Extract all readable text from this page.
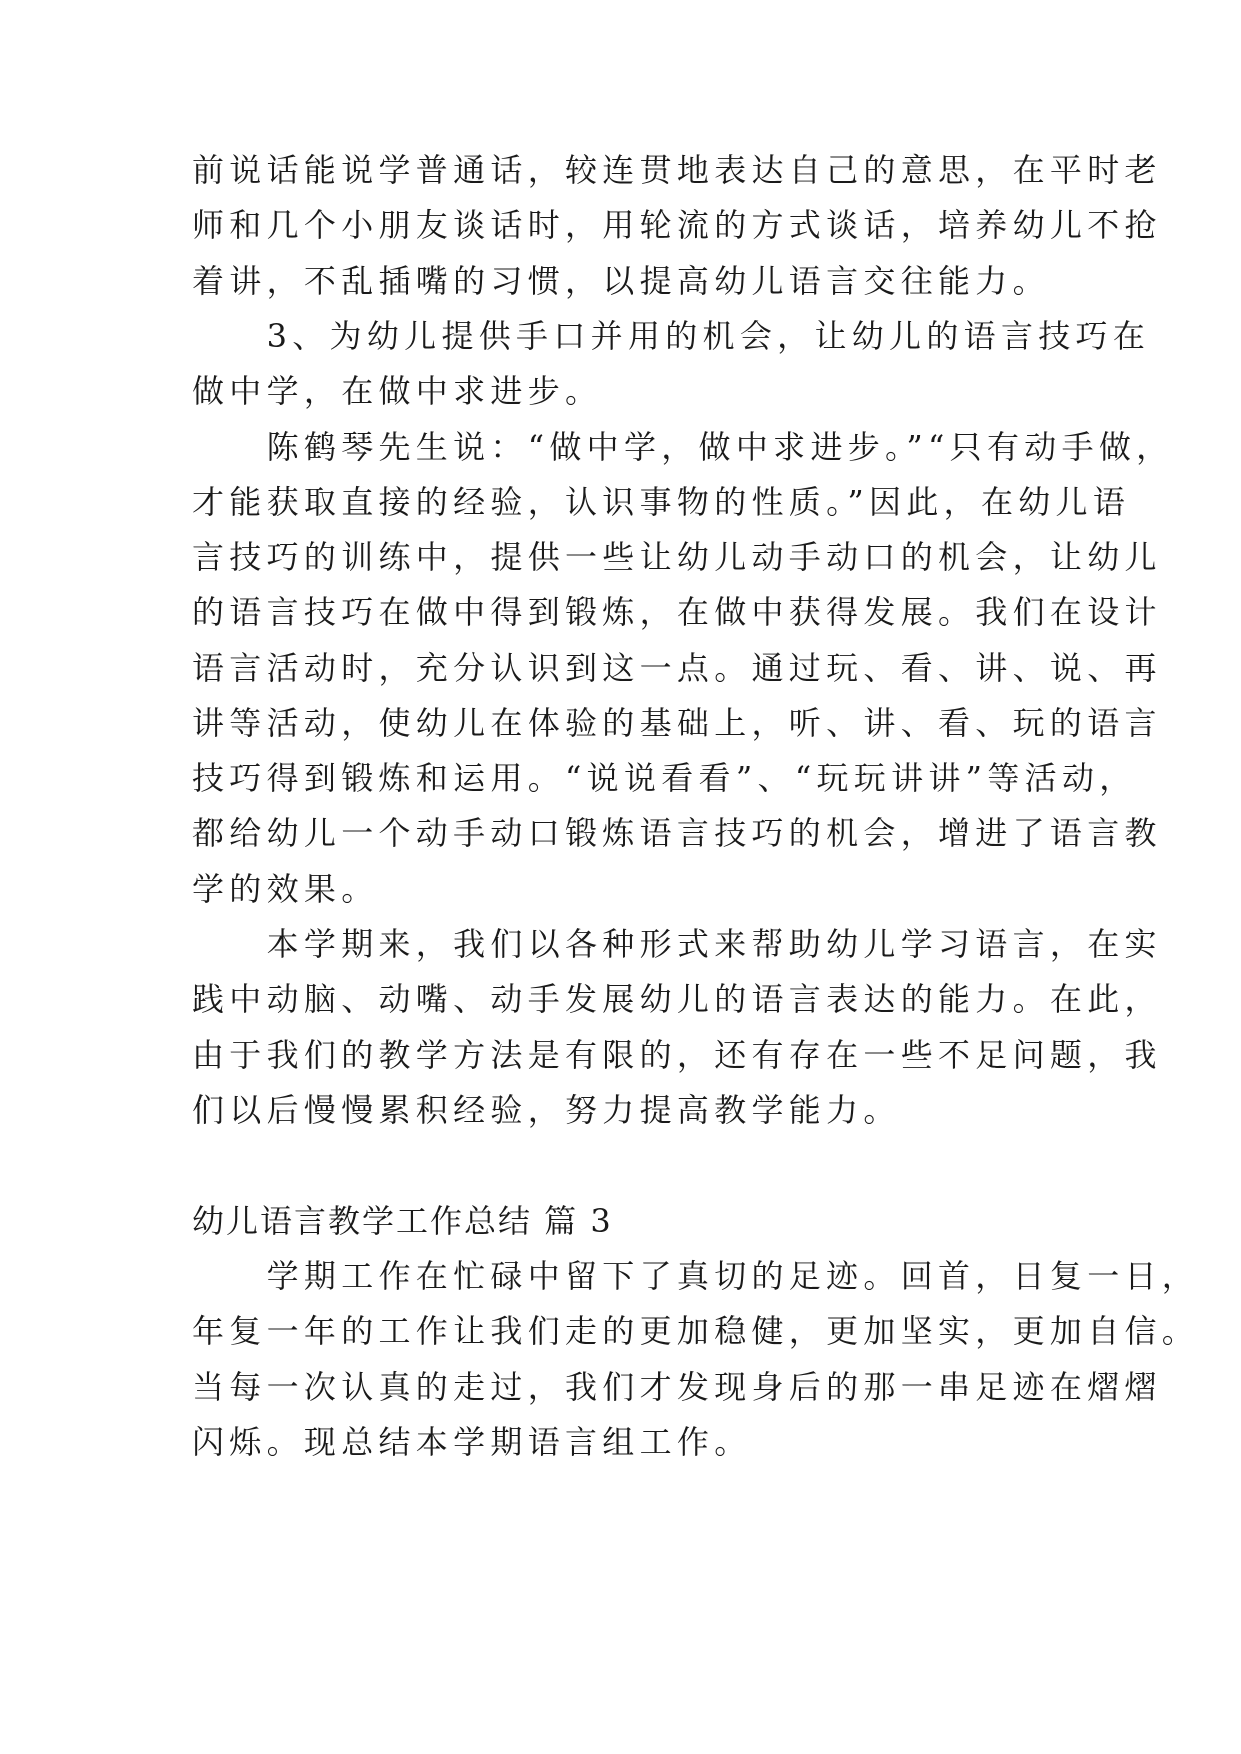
前说话能说学普通话，较连贯地表达自己的意思，在平时老
师和几个小朋友谈话时，用轮流的方式谈话，培养幼儿不抢
着讲，不乱插嘴的习惯，以提高幼儿语言交往能力。
　　3、为幼儿提供手口并用的机会，让幼儿的语言技巧在
做中学，在做中求进步。
　　陈鹤琴先生说：“做中学，做中求进步。”“只有动手做，
才能获取直接的经验，认识事物的性质。”因此，在幼儿语
言技巧的训练中，提供一些让幼儿动手动口的机会，让幼儿
的语言技巧在做中得到锻炼，在做中获得发展。我们在设计
语言活动时，充分认识到这一点。通过玩、看、讲、说、再
讲等活动，使幼儿在体验的基础上，听、讲、看、玩的语言
技巧得到锻炼和运用。“说说看看”、“玩玩讲讲”等活动，
都给幼儿一个动手动口锻炼语言技巧的机会，增进了语言教
学的效果。
　　本学期来，我们以各种形式来帮助幼儿学习语言，在实
践中动脑、动嘴、动手发展幼儿的语言表达的能力。在此，
由于我们的教学方法是有限的，还有存在一些不足问题，我
们以后慢慢累积经验，努力提高教学能力。
幼儿语言教学工作总结 篇 3
　　学期工作在忙碌中留下了真切的足迹。回首，日复一日，
年复一年的工作让我们走的更加稳健，更加坚实，更加自信。
当每一次认真的走过，我们才发现身后的那一串足迹在熠熠
闪烁。现总结本学期语言组工作。
